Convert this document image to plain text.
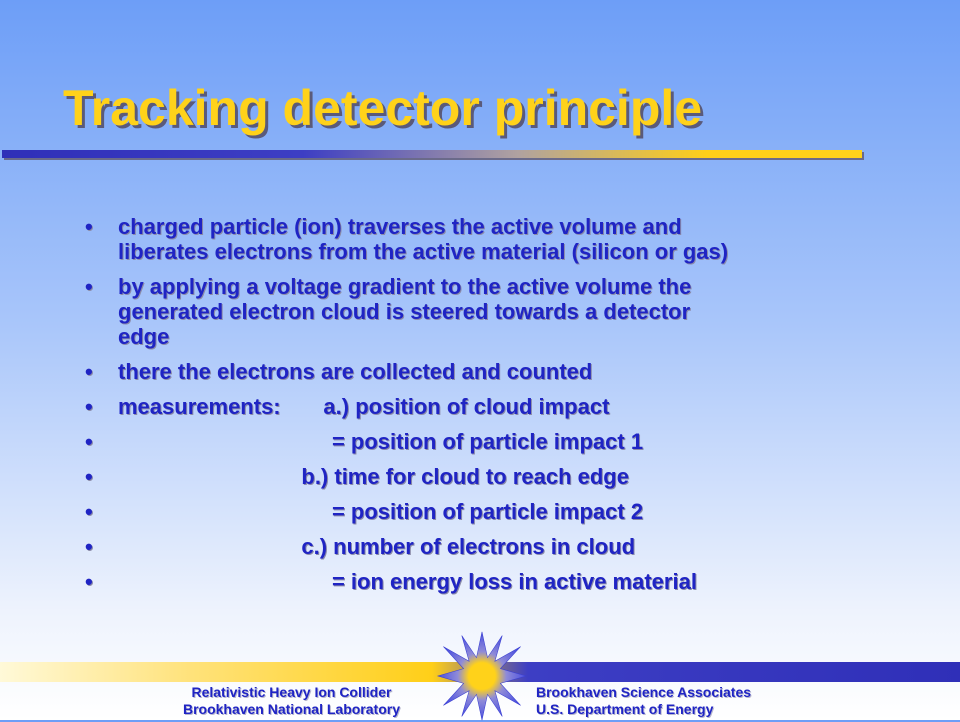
Tracking detector principle
• charged particle (ion) traverses the active volume and
liberates electrons from the active material (silicon or gas)
• by applying a voltage gradient to the active volume the
generated electron cloud is steered towards a detector
edge
• there the electrons are collected and counted
• measurements:       a.) position of cloud impact
• = position of particle impact 1
• b.) time for cloud to reach edge
• = position of particle impact 2
• c.) number of electrons in cloud
• = ion energy loss in active material
Relativistic Heavy Ion Collider
Brookhaven National Laboratory
Brookhaven Science Associates
U.S. Department of Energy
